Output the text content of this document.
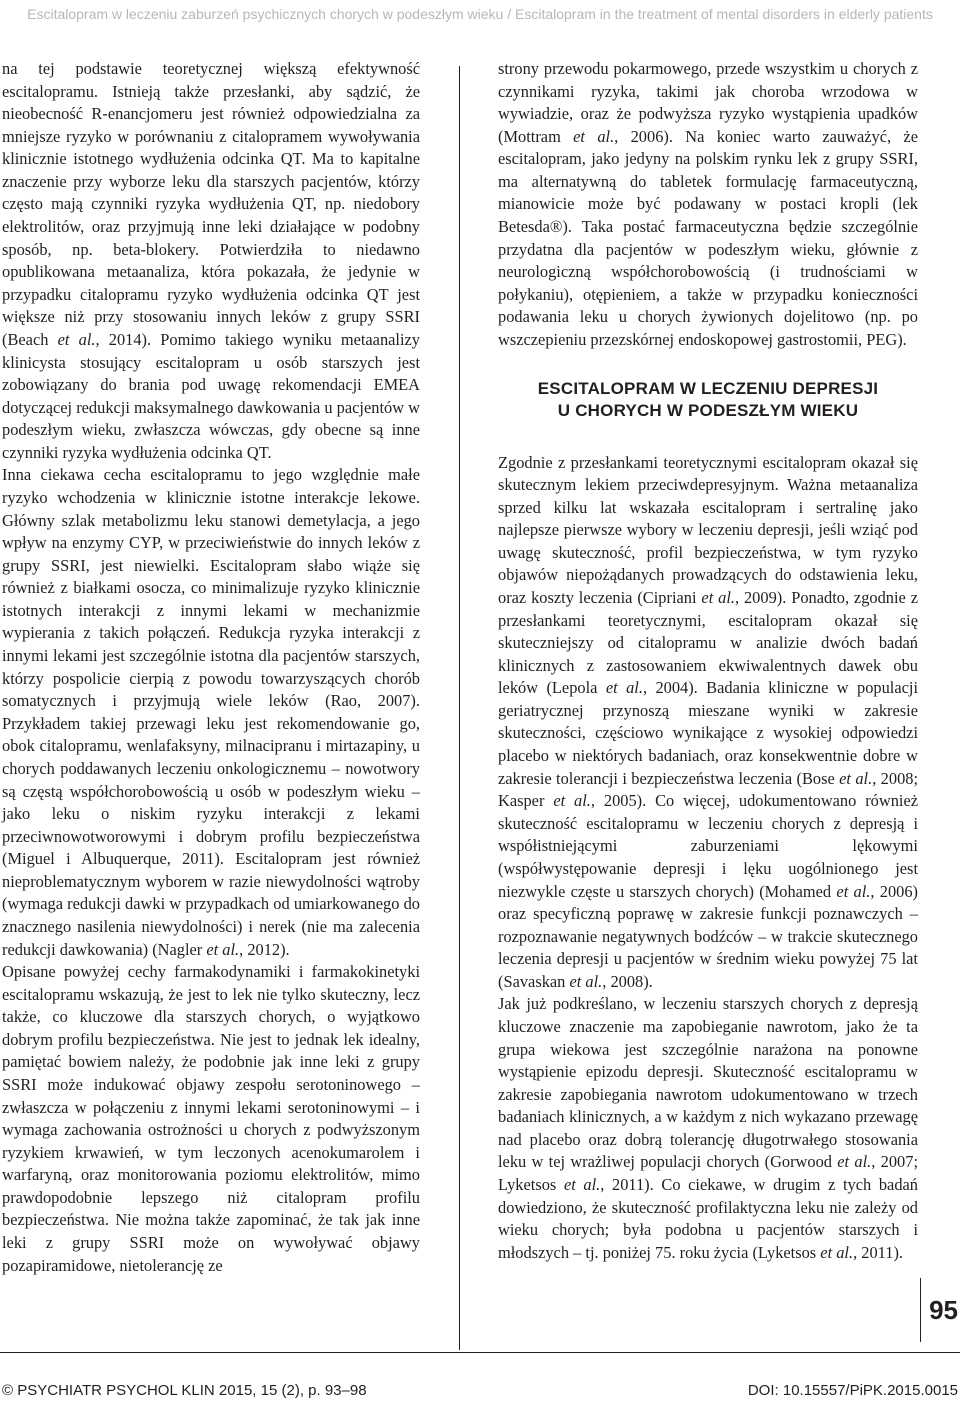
Escitalopram w leczeniu zaburzeń psychicznych chorych w podeszłym wieku / Escitalopram in the treatment of mental disorders in elderly patients

na tej podstawie teoretycznej większą efektywność escitalopramu. Istnieją także przesłanki, aby sądzić, że nieobecność R-enancjomeru jest również odpowiedzialna za mniejsze ryzyko w porównaniu z citalopramem wywoływania klinicznie istotnego wydłużenia odcinka QT. Ma to kapitalne znaczenie przy wyborze leku dla starszych pacjentów, którzy często mają czynniki ryzyka wydłużenia QT, np. niedobory elektrolitów, oraz przyjmują inne leki działające w podobny sposób, np. beta-blokery. Potwierdziła to niedawno opublikowana metaanaliza, która pokazała, że jedynie w przypadku citalopramu ryzyko wydłużenia odcinka QT jest większe niż przy stosowaniu innych leków z grupy SSRI (Beach et al., 2014). Pomimo takiego wyniku metaanalizy klinicysta stosujący escitalopram u osób starszych jest zobowiązany do brania pod uwagę rekomendacji EMEA dotyczącej redukcji maksymalnego dawkowania u pacjentów w podeszłym wieku, zwłaszcza wówczas, gdy obecne są inne czynniki ryzyka wydłużenia odcinka QT.

Inna ciekawa cecha escitalopramu to jego względnie małe ryzyko wchodzenia w klinicznie istotne interakcje lekowe. Główny szlak metabolizmu leku stanowi demetylacja, a jego wpływ na enzymy CYP, w przeciwieństwie do innych leków z grupy SSRI, jest niewielki. Escitalopram słabo wiąże się również z białkami osocza, co minimalizuje ryzyko klinicznie istotnych interakcji z innymi lekami w mechanizmie wypierania z takich połączeń. Redukcja ryzyka interakcji z innymi lekami jest szczególnie istotna dla pacjentów starszych, którzy pospolicie cierpią z powodu towarzyszących chorób somatycznych i przyjmują wiele leków (Rao, 2007). Przykładem takiej przewagi leku jest rekomendowanie go, obok citalopramu, wenlafaksyny, milnacipranu i mirtazapiny, u chorych poddawanych leczeniu onkologicznemu – nowotwory są częstą współchorobowością u osób w podeszłym wieku – jako leku o niskim ryzyku interakcji z lekami przeciwnowotworowymi i dobrym profilu bezpieczeństwa (Miguel i Albuquerque, 2011). Escitalopram jest również nieproblematycznym wyborem w razie niewydolności wątroby (wymaga redukcji dawki w przypadkach od umiarkowanego do znacznego nasilenia niewydolności) i nerek (nie ma zalecenia redukcji dawkowania) (Nagler et al., 2012).

Opisane powyżej cechy farmakodynamiki i farmakokinetyki escitalopramu wskazują, że jest to lek nie tylko skuteczny, lecz także, co kluczowe dla starszych chorych, o wyjątkowo dobrym profilu bezpieczeństwa. Nie jest to jednak lek idealny, pamiętać bowiem należy, że podobnie jak inne leki z grupy SSRI może indukować objawy zespołu serotoninowego – zwłaszcza w połączeniu z innymi lekami serotoninowymi – i wymaga zachowania ostrożności u chorych z podwyższonym ryzykiem krwawień, w tym leczonych acenokumarolem i warfaryną, oraz monitorowania poziomu elektrolitów, mimo prawdopodobnie lepszego niż citalopram profilu bezpieczeństwa. Nie można także zapominać, że tak jak inne leki z grupy SSRI może on wywoływać objawy pozapiramidowe, nietolerancję ze

strony przewodu pokarmowego, przede wszystkim u chorych z czynnikami ryzyka, takimi jak choroba wrzodowa w wywiadzie, oraz że podwyższa ryzyko wystąpienia upadków (Mottram et al., 2006). Na koniec warto zauważyć, że escitalopram, jako jedyny na polskim rynku lek z grupy SSRI, ma alternatywną do tabletek formulację farmaceutyczną, mianowicie może być podawany w postaci kropli (lek Betesda®). Taka postać farmaceutyczna będzie szczególnie przydatna dla pacjentów w podeszłym wieku, głównie z neurologiczną współchorobowością (i trudnościami w połykaniu), otępieniem, a także w przypadku konieczności podawania leku u chorych żywionych dojelitowo (np. po wszczepieniu przezskórnej endoskopowej gastrostomii, PEG).

ESCITALOPRAM W LECZENIU DEPRESJI
U CHORYCH W PODESZŁYM WIEKU

Zgodnie z przesłankami teoretycznymi escitalopram okazał się skutecznym lekiem przeciwdepresyjnym. Ważna metaanaliza sprzed kilku lat wskazała escitalopram i sertralinę jako najlepsze pierwsze wybory w leczeniu depresji, jeśli wziąć pod uwagę skuteczność, profil bezpieczeństwa, w tym ryzyko objawów niepożądanych prowadzących do odstawienia leku, oraz koszty leczenia (Cipriani et al., 2009). Ponadto, zgodnie z przesłankami teoretycznymi, escitalopram okazał się skuteczniejszy od citalopramu w analizie dwóch badań klinicznych z zastosowaniem ekwiwalentnych dawek obu leków (Lepola et al., 2004). Badania kliniczne w populacji geriatrycznej przynoszą mieszane wyniki w zakresie skuteczności, częściowo wynikające z wysokiej odpowiedzi placebo w niektórych badaniach, oraz konsekwentnie dobre w zakresie tolerancji i bezpieczeństwa leczenia (Bose et al., 2008; Kasper et al., 2005). Co więcej, udokumentowano również skuteczność escitalopramu w leczeniu chorych z depresją i współistniejącymi zaburzeniami lękowymi (współwystępowanie depresji i lęku uogólnionego jest niezwykle częste u starszych chorych) (Mohamed et al., 2006) oraz specyficzną poprawę w zakresie funkcji poznawczych – rozpoznawanie negatywnych bodźców – w trakcie skutecznego leczenia depresji u pacjentów w średnim wieku powyżej 75 lat (Savaskan et al., 2008).

Jak już podkreślano, w leczeniu starszych chorych z depresją kluczowe znaczenie ma zapobieganie nawrotom, jako że ta grupa wiekowa jest szczególnie narażona na ponowne wystąpienie epizodu depresji. Skuteczność escitalopramu w zakresie zapobiegania nawrotom udokumentowano w trzech badaniach klinicznych, a w każdym z nich wykazano przewagę nad placebo oraz dobrą tolerancję długotrwałego stosowania leku w tej wrażliwej populacji chorych (Gorwood et al., 2007; Lyketsos et al., 2011). Co ciekawe, w drugim z tych badań dowiedziono, że skuteczność profilaktyczna leku nie zależy od wieku chorych; była podobna u pacjentów starszych i młodszych – tj. poniżej 75. roku życia (Lyketsos et al., 2011).

95
© PSYCHIATR PSYCHOL KLIN 2015, 15 (2), p. 93–98	DOI: 10.15557/PiPK.2015.0015
